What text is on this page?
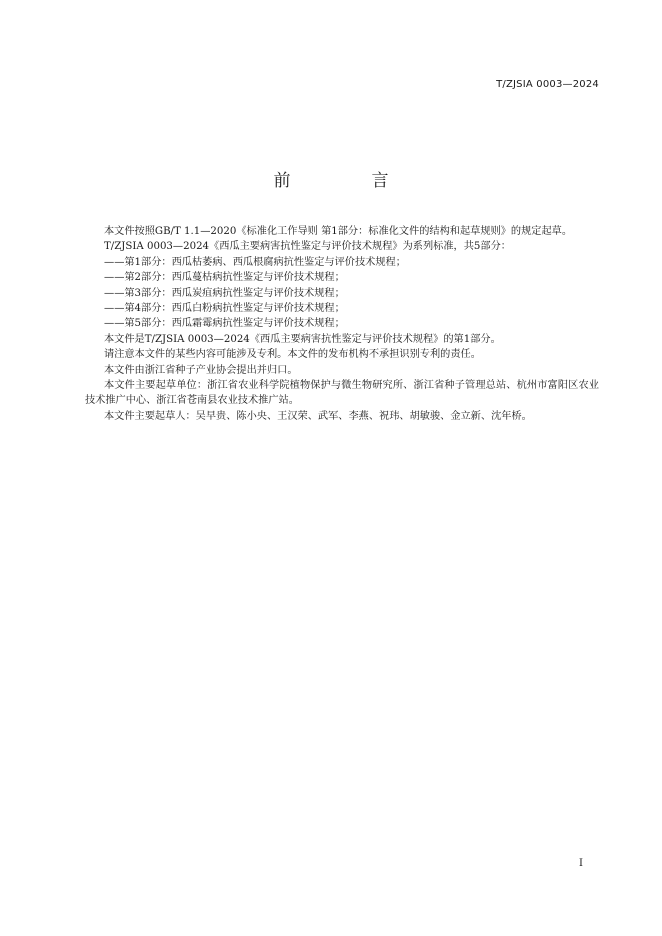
T/ZJSIA 0003—2024
前　言

本文件按照GB/T 1.1—2020《标准化工作导则 第1部分：标准化文件的结构和起草规则》的规定起草。

T/ZJSIA 0003—2024《西瓜主要病害抗性鉴定与评价技术规程》为系列标准，共5部分：

——第1部分：西瓜枯萎病、西瓜根腐病抗性鉴定与评价技术规程；

——第2部分：西瓜蔓枯病抗性鉴定与评价技术规程；

——第3部分：西瓜炭疽病抗性鉴定与评价技术规程；

——第4部分：西瓜白粉病抗性鉴定与评价技术规程；

——第5部分：西瓜霜霉病抗性鉴定与评价技术规程；

本文件是T/ZJSIA 0003—2024《西瓜主要病害抗性鉴定与评价技术规程》的第1部分。

请注意本文件的某些内容可能涉及专利。本文件的发布机构不承担识别专利的责任。

本文件由浙江省种子产业协会提出并归口。

本文件主要起草单位：浙江省农业科学院植物保护与微生物研究所、浙江省种子管理总站、杭州市富阳区农业技术推广中心、浙江省苍南县农业技术推广站。

本文件主要起草人：吴早贵、陈小央、王汉荣、武军、李燕、祝玮、胡敏骏、金立新、沈年桥。

I
